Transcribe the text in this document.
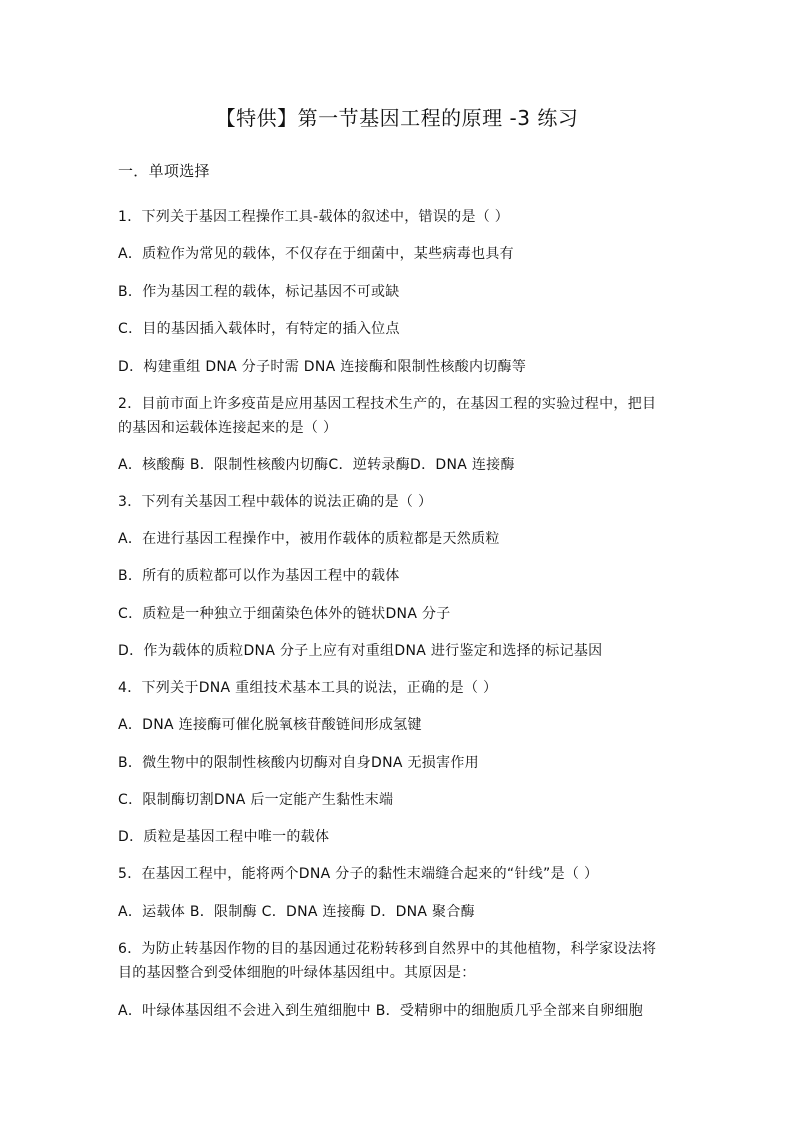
【特供】第一节基因工程的原理 -3 练习
一．单项选择
1．下列关于基因工程操作工具-载体的叙述中，错误的是（ ）
A．质粒作为常见的载体，不仅存在于细菌中，某些病毒也具有
B．作为基因工程的载体，标记基因不可或缺
C．目的基因插入载体时，有特定的插入位点
D．构建重组 DNA 分子时需 DNA 连接酶和限制性核酸内切酶等
2．目前市面上许多疫苗是应用基因工程技术生产的，在基因工程的实验过程中，把目
的基因和运载体连接起来的是（ ）
A．核酸酶 B．限制性核酸内切酶C．逆转录酶D．DNA 连接酶
3．下列有关基因工程中载体的说法正确的是（ ）
A．在进行基因工程操作中，被用作载体的质粒都是天然质粒
B．所有的质粒都可以作为基因工程中的载体
C．质粒是一种独立于细菌染色体外的链状DNA 分子
D．作为载体的质粒DNA 分子上应有对重组DNA 进行鉴定和选择的标记基因
4．下列关于DNA 重组技术基本工具的说法，正确的是（ ）
A．DNA 连接酶可催化脱氧核苷酸链间形成氢键
B．微生物中的限制性核酸内切酶对自身DNA 无损害作用
C．限制酶切割DNA 后一定能产生黏性末端
D．质粒是基因工程中唯一的载体
5．在基因工程中，能将两个DNA 分子的黏性末端缝合起来的“针线”是（ ）
A．运载体 B．限制酶 C．DNA 连接酶 D．DNA 聚合酶
6．为防止转基因作物的目的基因通过花粉转移到自然界中的其他植物，科学家设法将
目的基因整合到受体细胞的叶绿体基因组中。其原因是：
A．叶绿体基因组不会进入到生殖细胞中 B．受精卵中的细胞质几乎全部来自卵细胞
